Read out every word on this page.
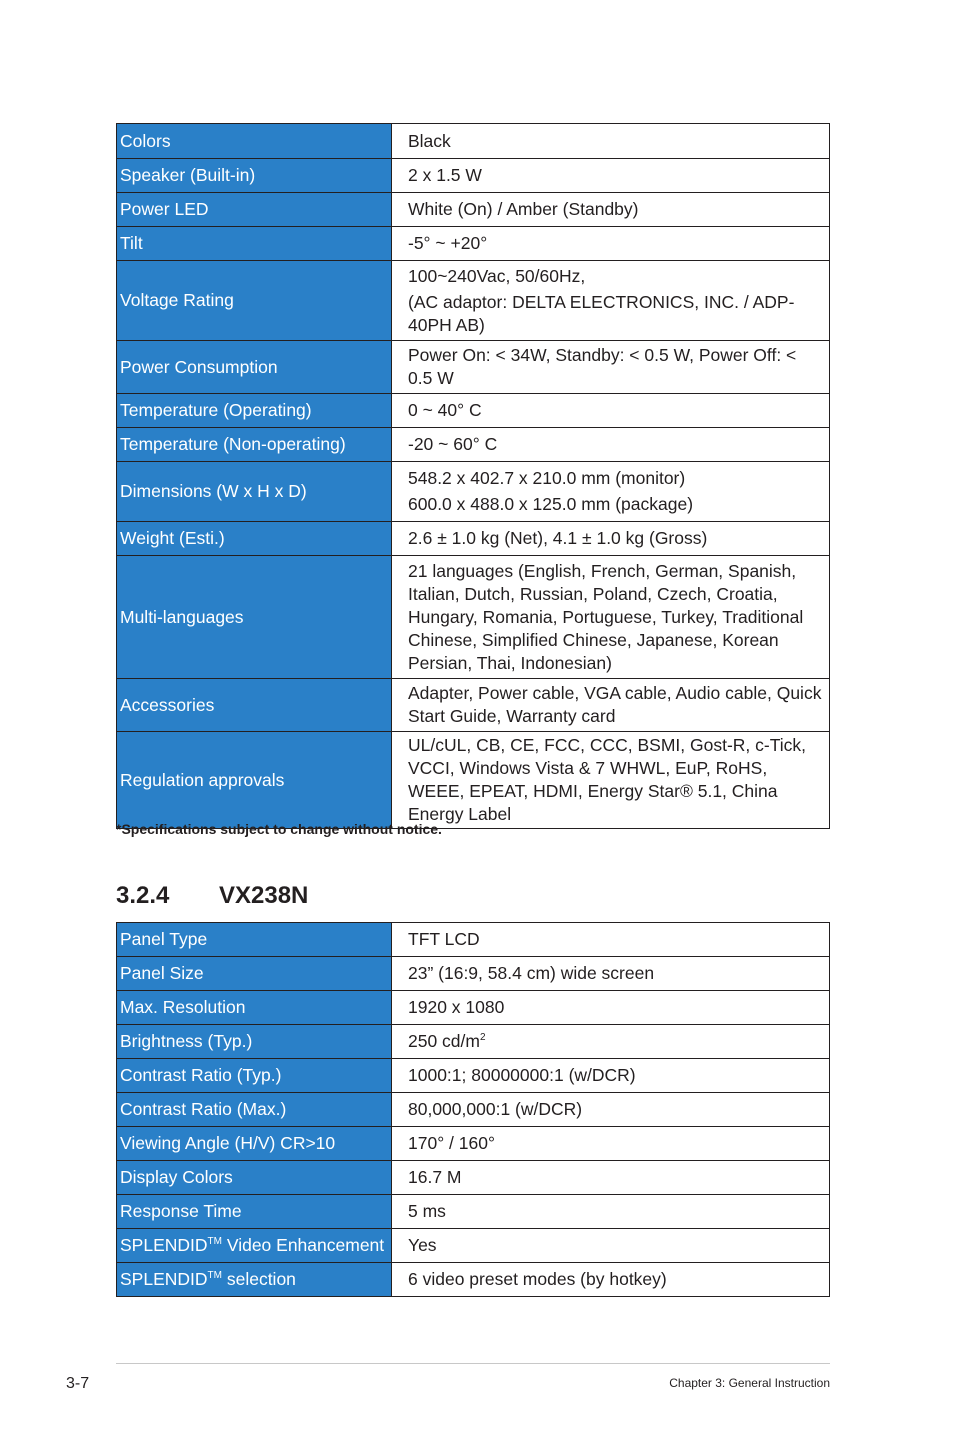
Colors	Black
Speaker (Built-in)	2 x 1.5 W
Power LED	White (On) / Amber (Standby)
Tilt	-5° ~ +20°
Voltage Rating	100~240Vac, 50/60Hz,
(AC adaptor: DELTA ELECTRONICS, INC. / ADP-40PH AB)

Power Consumption	Power On: < 34W, Standby: < 0.5 W, Power Off: < 0.5 W
Temperature (Operating)	0 ~ 40° C
Temperature (Non-operating)	-20 ~ 60° C
Dimensions (W x H x D)	548.2 x 402.7 x 210.0 mm (monitor)
600.0 x 488.0 x 125.0 mm (package)

Weight (Esti.)	2.6 ± 1.0 kg (Net), 4.1 ± 1.0 kg (Gross)
Multi-languages	21 languages (English, French, German, Spanish, Italian, Dutch, Russian, Poland, Czech, Croatia, Hungary, Romania, Portuguese, Turkey, Traditional Chinese, Simplified Chinese, Japanese, Korean Persian, Thai, Indonesian)
Accessories	Adapter, Power cable, VGA cable, Audio cable, Quick Start Guide, Warranty card
Regulation approvals	UL/cUL, CB, CE, FCC, CCC, BSMI, Gost-R, c-Tick, VCCI, Windows Vista & 7 WHWL, EuP, RoHS, WEEE, EPEAT, HDMI, Energy Star® 5.1, China Energy Label
*Specifications subject to change without notice.
3.2.4 VX238N
Panel Type	TFT LCD
Panel Size	23” (16:9, 58.4 cm) wide screen
Max. Resolution	1920 x 1080
Brightness (Typ.)	250 $cd/m^2$
Contrast Ratio (Typ.)	1000:1; 80000000:1 (w/DCR)
Contrast Ratio (Max.)	80,000,000:1 (w/DCR)
Viewing Angle (H/V) CR>10	170° / 160°
Display Colors	16.7 M
Response Time	5 ms
SPLENDID™ Video Enhancement	Yes
SPLENDID™ selection	6 video preset modes (by hotkey)
3-7	Chapter 3: General Instruction
